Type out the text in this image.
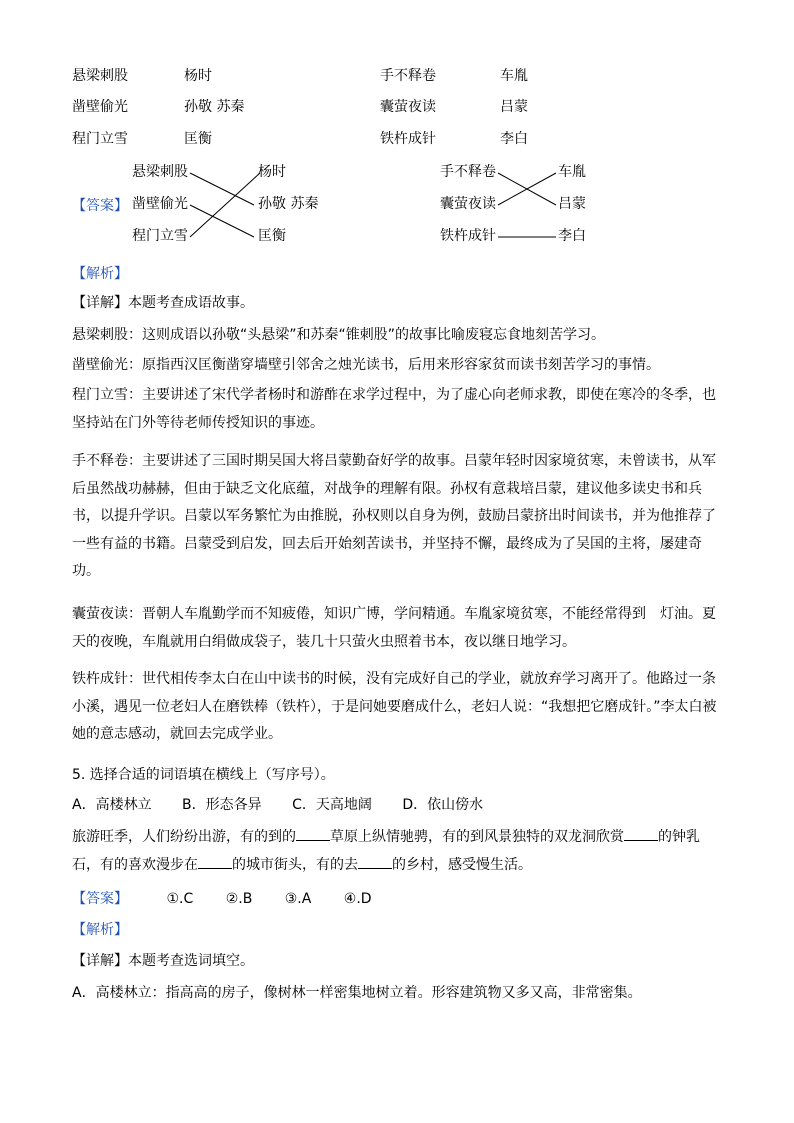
悬梁刺股	杨时	手不释卷	车胤
凿壁偷光	孙敬 苏秦	囊萤夜读	吕蒙
程门立雪	匡衡	铁杵成针	李白
【答案】
悬梁刺股
凿壁偷光
程门立雪
杨时
孙敬 苏秦
匡衡
手不释卷
囊萤夜读
铁杵成针
车胤
吕蒙
李白
【解析】
【详解】本题考查成语故事。
悬梁刺股：这则成语以孙敬“头悬梁”和苏秦“锥刺股”的故事比喻废寝忘食地刻苦学习。
凿壁偷光：原指西汉匡衡凿穿墙壁引邻舍之烛光读书，后用来形容家贫而读书刻苦学习的事情。
程门立雪：主要讲述了宋代学者杨时和游酢在求学过程中，为了虚心向老师求教，即使在寒冷的冬季，也坚持站在门外等待老师传授知识的事迹。
手不释卷：主要讲述了三国时期吴国大将吕蒙勤奋好学的故事。吕蒙年轻时因家境贫寒，未曾读书，从军后虽然战功赫赫，但由于缺乏文化底蕴，对战争的理解有限。孙权有意栽培吕蒙，建议他多读史书和兵书，以提升学识。吕蒙以军务繁忙为由推脱，孙权则以自身为例，鼓励吕蒙挤出时间读书，并为他推荐了一些有益的书籍。吕蒙受到启发，回去后开始刻苦读书，并坚持不懈，最终成为了吴国的主将，屡建奇功。
囊萤夜读：晋朝人车胤勤学而不知疲倦，知识广博，学问精通。车胤家境贫寒，不能经常得到　灯油。夏天的夜晚，车胤就用白绢做成袋子，装几十只萤火虫照着书本，夜以继日地学习。
铁杵成针：世代相传李太白在山中读书的时候，没有完成好自己的学业，就放弃学习离开了。他路过一条小溪，遇见一位老妇人在磨铁棒（铁杵），于是问她要磨成什么，老妇人说：“我想把它磨成针。”李太白被她的意志感动，就回去完成学业。
5. 选择合适的词语填在横线上（写序号）。
A．高楼林立 B．形态各异 C．天高地阔 D．依山傍水
旅游旺季，人们纷纷出游，有的到的 草原上纵情驰骋，有的到风景独特的双龙洞欣赏 的钟乳石，有的喜欢漫步在 的城市街头，有的去 的乡村，感受慢生活。
【答案】	①.C ②.B ③.A ④.D
【解析】
【详解】本题考查选词填空。
A．高楼林立：指高高的房子，像树林一样密集地树立着。形容建筑物又多又高，非常密集。
